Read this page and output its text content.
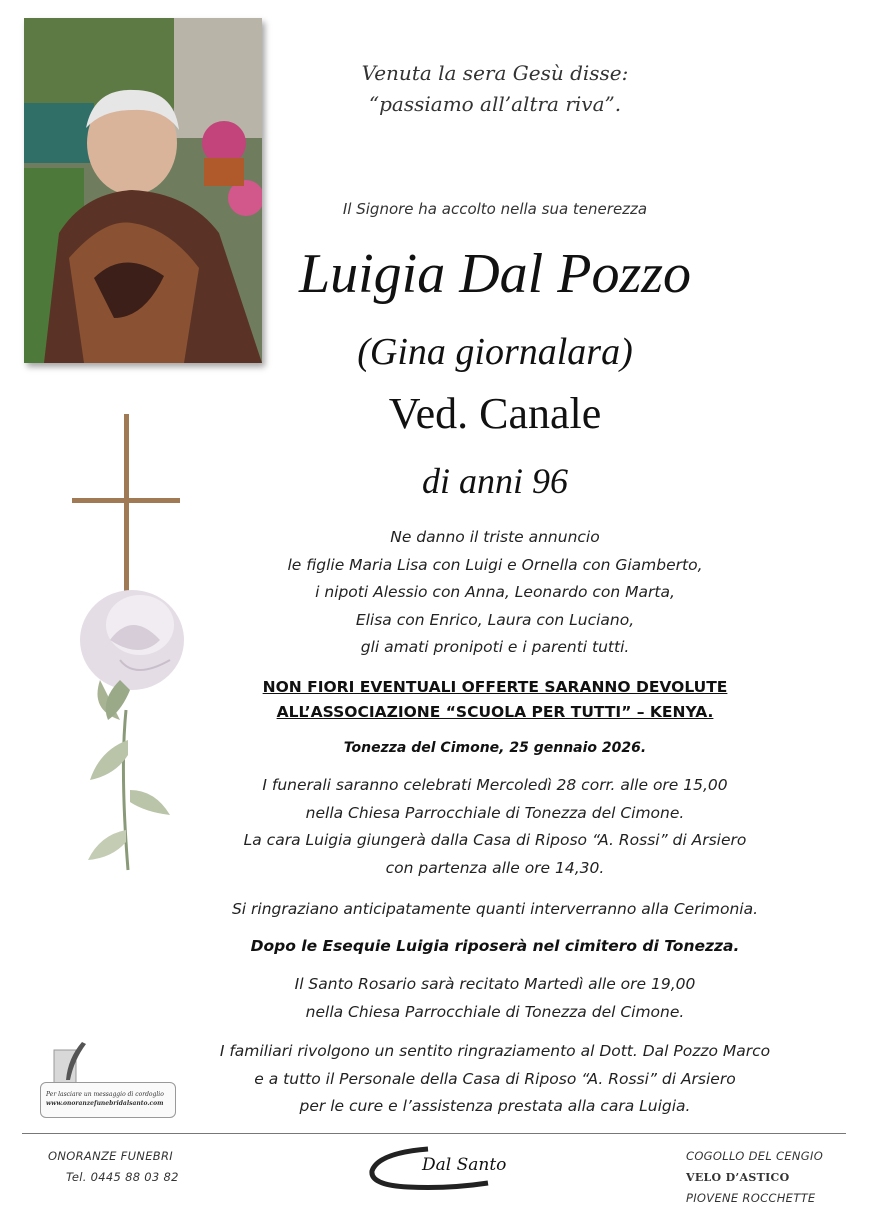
Venuta la sera Gesù disse:
“passiamo all’altra riva”.
Il Signore ha accolto nella sua tenerezza
Luigia Dal Pozzo
(Gina giornalara)
Ved. Canale
di anni 96
Ne danno il triste annuncio
le figlie Maria Lisa con Luigi e Ornella con Giamberto,
i nipoti Alessio con Anna, Leonardo con Marta,
Elisa con Enrico, Laura con Luciano,
gli amati pronipoti e i parenti tutti.
NON FIORI EVENTUALI OFFERTE SARANNO DEVOLUTE
ALL’ASSOCIAZIONE “SCUOLA PER TUTTI” – KENYA.
Tonezza del Cimone, 25 gennaio 2026.
I funerali saranno celebrati Mercoledì 28 corr. alle ore 15,00
nella Chiesa Parrocchiale di Tonezza del Cimone.
La cara Luigia giungerà dalla Casa di Riposo “A. Rossi” di Arsiero
con partenza alle ore 14,30.
Si ringraziano anticipatamente quanti interverranno alla Cerimonia.
Dopo le Esequie Luigia riposerà nel cimitero di Tonezza.
Il Santo Rosario sarà recitato Martedì alle ore 19,00
nella Chiesa Parrocchiale di Tonezza del Cimone.
I familiari rivolgono un sentito ringraziamento al Dott. Dal Pozzo Marco
e a tutto il Personale della Casa di Riposo “A. Rossi” di Arsiero
per le cure e l’assistenza prestata alla cara Luigia.
Per lasciare un messaggio di cordoglio
www.onoranzefunebridalsanto.com
ONORANZE FUNEBRI
Tel. 0445 88 03 82
Dal Santo	COGOLLO DEL CENGIO
VELO D’ASTICO
PIOVENE ROCCHETTE
